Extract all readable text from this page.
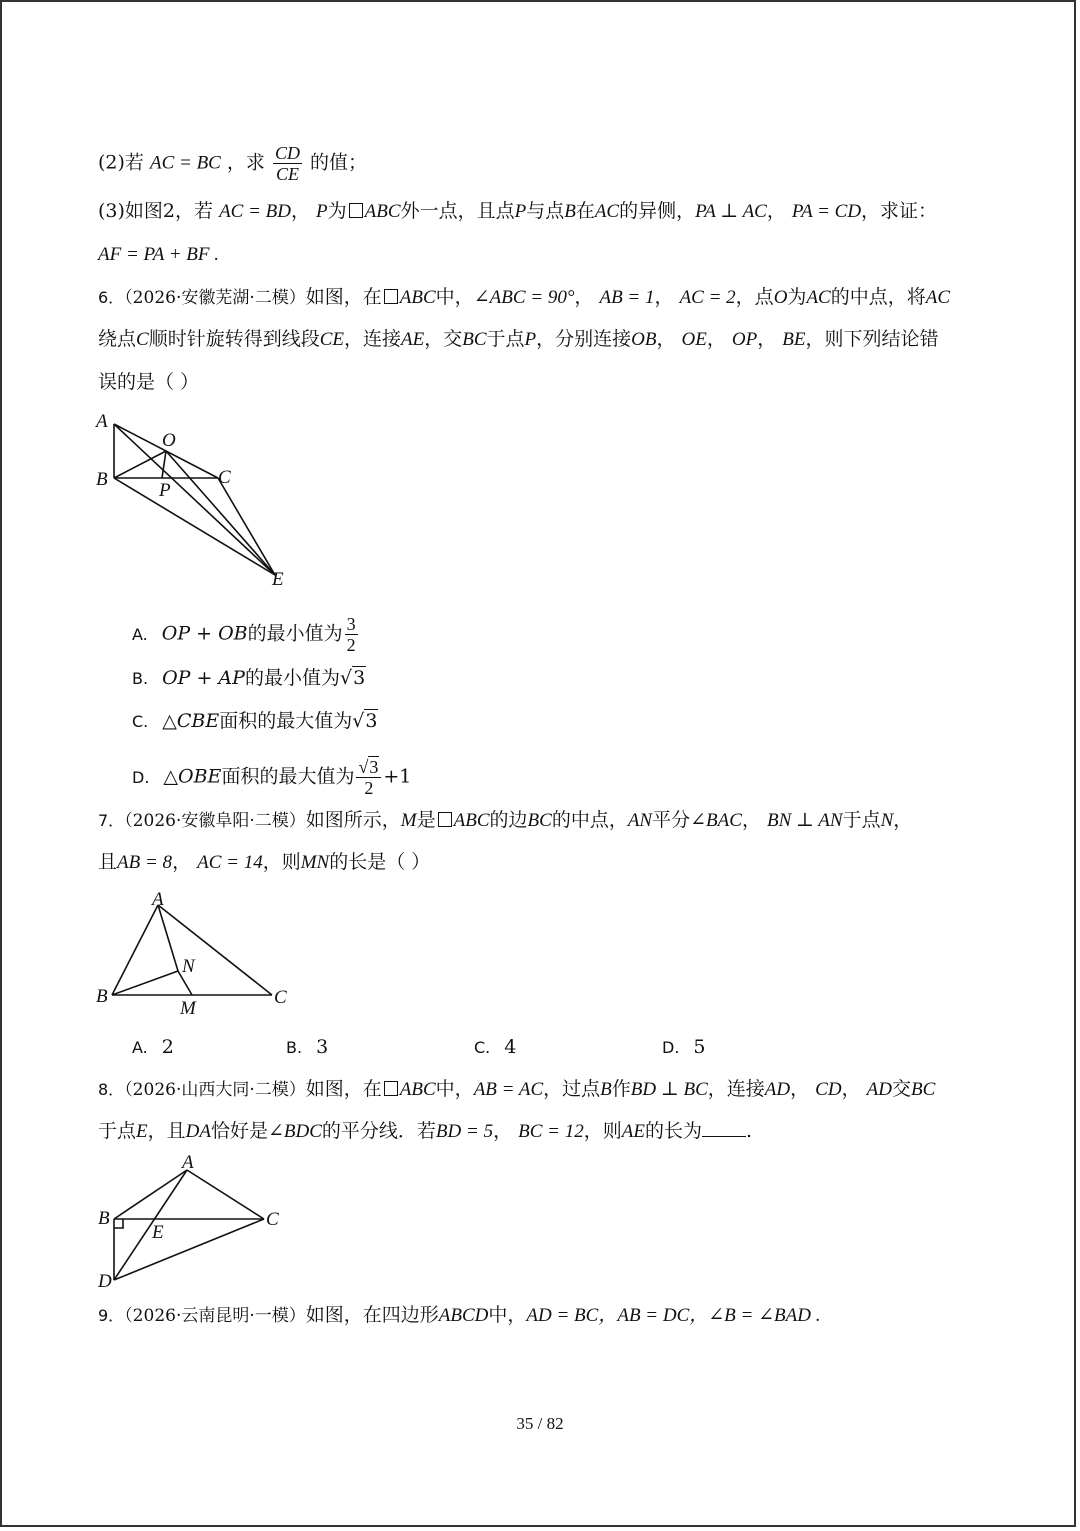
(2)若 AC = BC ，求 $\frac{CD}{CE}$ 的值；
(3)如图2，若 AC = BD， P为 ABC外一点，且点P与点B在AC的异侧，PA ⊥ AC， PA = CD，求证：
AF = PA + BF .
6．（2026·安徽芜湖·二模）如图，在 ABC中，∠ABC = 90°， AB = 1， AC = 2，点O为AC的中点，将AC
绕点C顺时针旋转得到线段CE，连接AE，交BC于点P，分别连接OB， OE， OP， BE，则下列结论错
误的是（ ）
A
B	C
O
P
E
A. OP + OB的最小值为 $\frac{3}{2}$
B. OP + AP的最小值为√3
C. △CBE面积的最大值为√3
D. △OBE面积的最大值为 $\frac{√3}{2} +1$
7．（2026·安徽阜阳·二模）如图所示，M是 ABC的边BC的中点，AN平分∠BAC， BN ⊥ AN于点N，
且AB = 8， AC = 14，则MN的长是（ ）
A
B	C
N
M
A. 2	B. 3	C. 4	D. 5
8．（2026·山西大同·二模）如图，在 ABC中，AB = AC，过点B作BD ⊥ BC，连接AD， CD， AD交BC
于点E，且DA恰好是∠BDC的平分线．若BD = 5， BC = 12，则AE的长为 .
A
B	C
E
D
9．（2026·云南昆明·一模）如图，在四边形ABCD中，AD = BC，AB = DC，∠B = ∠BAD .
35 / 82
